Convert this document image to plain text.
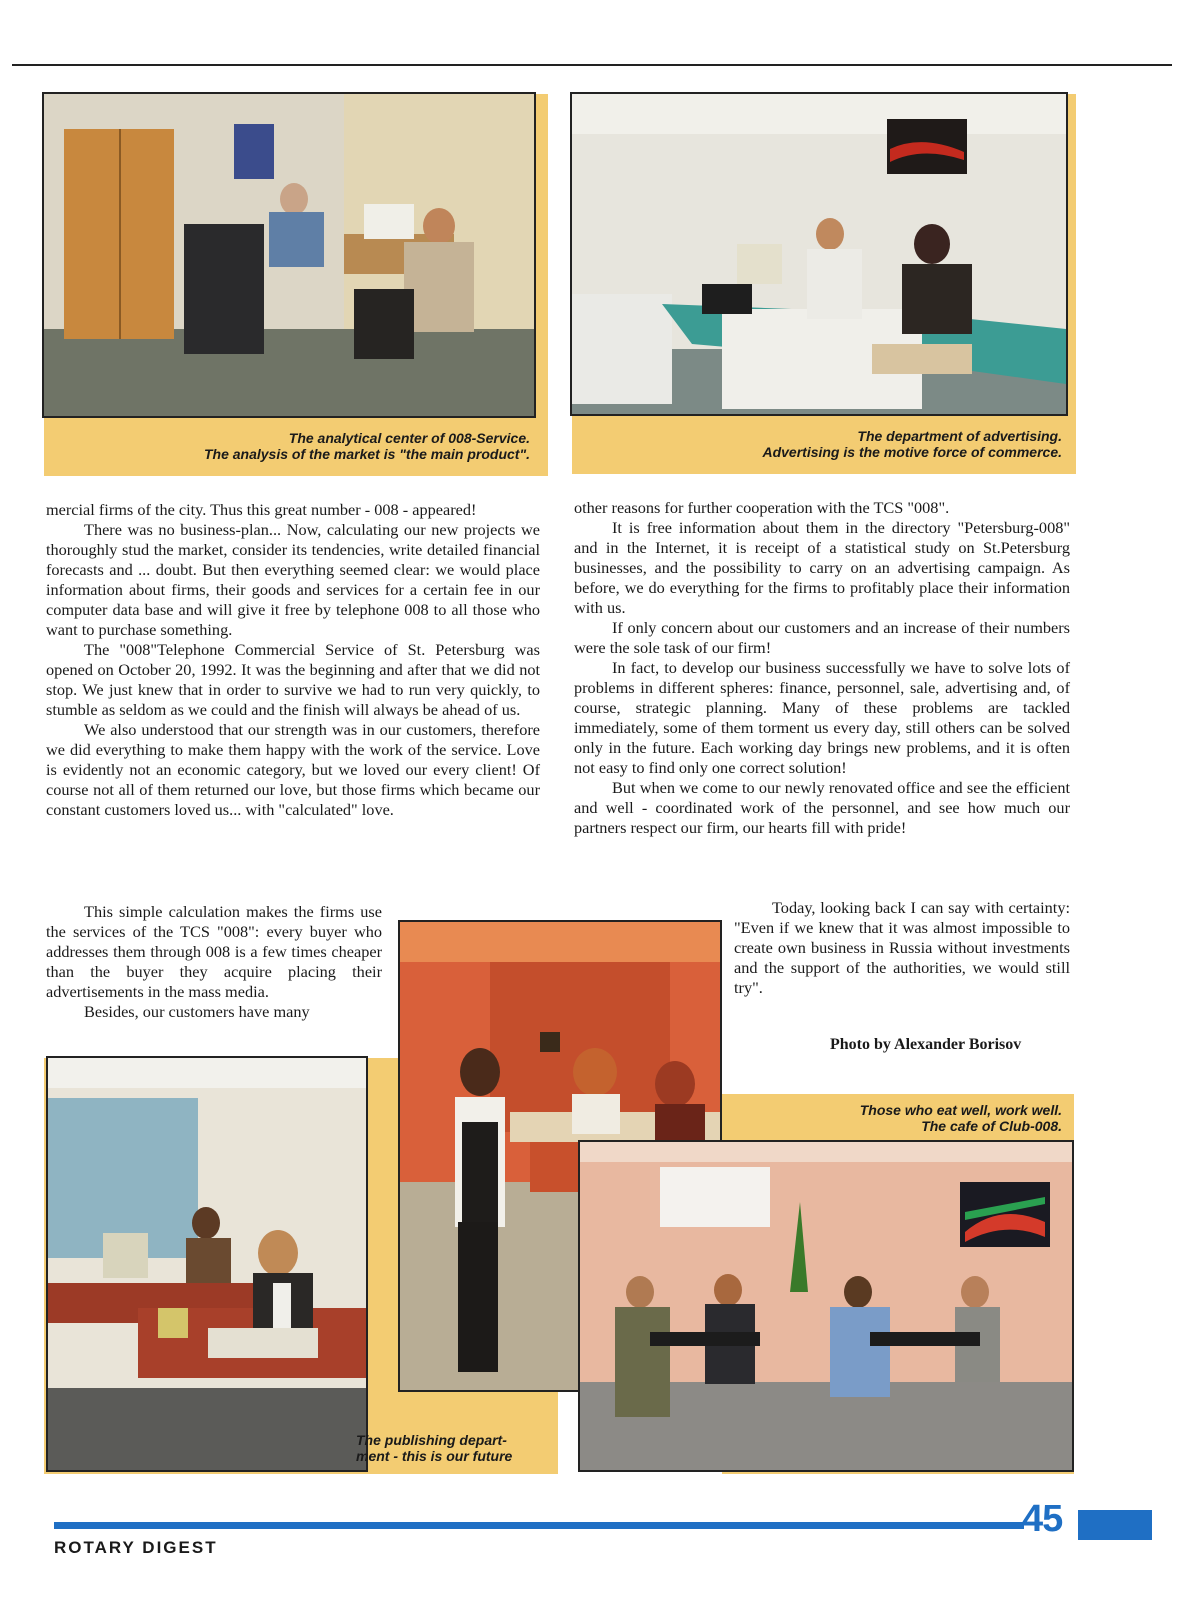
The analytical center of 008-Service.
The analysis of the market is "the main product".
The department of advertising.
Advertising is the motive force of commerce.

mercial firms of the city. Thus this great number - 008 - appeared!

There was no business-plan... Now, calculating our new projects we thoroughly stud the market, consider its tendencies, write detailed financial forecasts and ... doubt. But then everything seemed clear: we would place information about firms, their goods and services for a certain fee in our computer data base and will give it free by telephone 008 to all those who want to purchase something.

The "008"Telephone Commercial Service of St. Petersburg was opened on October 20, 1992. It was the beginning and after that we did not stop. We just knew that in order to survive we had to run very quickly, to stumble as seldom as we could and the finish will always be ahead of us.

We also understood that our strength was in our customers, therefore we did everything to make them happy with the work of the service. Love is evidently not an economic category, but we loved our every client! Of course not all of them returned our love, but those firms which became our constant customers loved us... with "calculated" love.

This simple calculation makes the firms use the services of the TCS "008": every buyer who addresses them through 008 is a few times cheaper than the buyer they acquire placing their advertisements in the mass media.

Besides, our customers have many

other reasons for further cooperation with the TCS "008".

It is free information about them in the directory "Petersburg-008" and in the Internet, it is receipt of a statistical study on St.Petersburg businesses, and the possibility to carry on an advertising campaign. As before, we do everything for the firms to profitably place their information with us.

If only concern about our customers and an increase of their numbers were the sole task of our firm!

In fact, to develop our business successfully we have to solve lots of problems in different spheres: finance, personnel, sale, advertising and, of course, strategic planning. Many of these problems are tackled immediately, some of them torment us every day, still others can be solved only in the future. Each working day brings new problems, and it is often not easy to find only one correct solution!

But when we come to our newly renovated office and see the efficient and well - coordinated work of the personnel, and see how much our partners respect our firm, our hearts fill with pride!

Today, looking back I can say with certainty: "Even if we knew that it was almost impossible to create own business in Russia without investments and the support of the authorities, we would still try".

Photo by Alexander Borisov
The publishing depart-
ment - this is our future
Those who eat well, work well.
The cafe of Club-008.
45
ROTARY DIGEST
